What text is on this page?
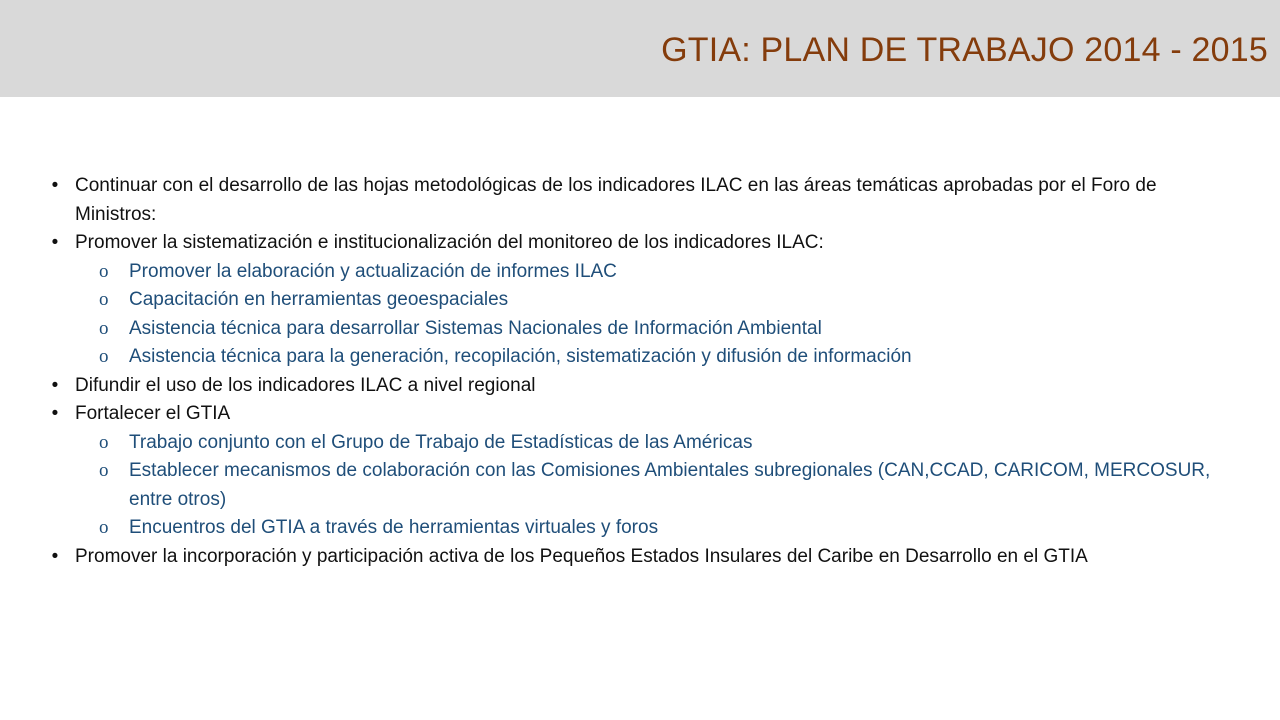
GTIA: PLAN DE TRABAJO 2014 - 2015
• Continuar con el desarrollo de las hojas metodológicas de los indicadores ILAC en las áreas temáticas aprobadas por el Foro de Ministros:
• Promover la sistematización e institucionalización del monitoreo de los indicadores ILAC:
o Promover la elaboración y actualización de informes ILAC
o Capacitación en herramientas geoespaciales
o Asistencia técnica para desarrollar Sistemas Nacionales de Información Ambiental
o Asistencia técnica para la generación, recopilación, sistematización y difusión de información
• Difundir el uso de los indicadores ILAC a nivel regional
• Fortalecer el GTIA
o Trabajo conjunto con el Grupo de Trabajo de Estadísticas de las Américas
o Establecer mecanismos de colaboración con las Comisiones Ambientales subregionales (CAN,CCAD, CARICOM, MERCOSUR, entre otros)
o Encuentros del GTIA a través de herramientas virtuales y foros
• Promover la incorporación y participación activa de los Pequeños Estados Insulares del Caribe en Desarrollo en el GTIA
